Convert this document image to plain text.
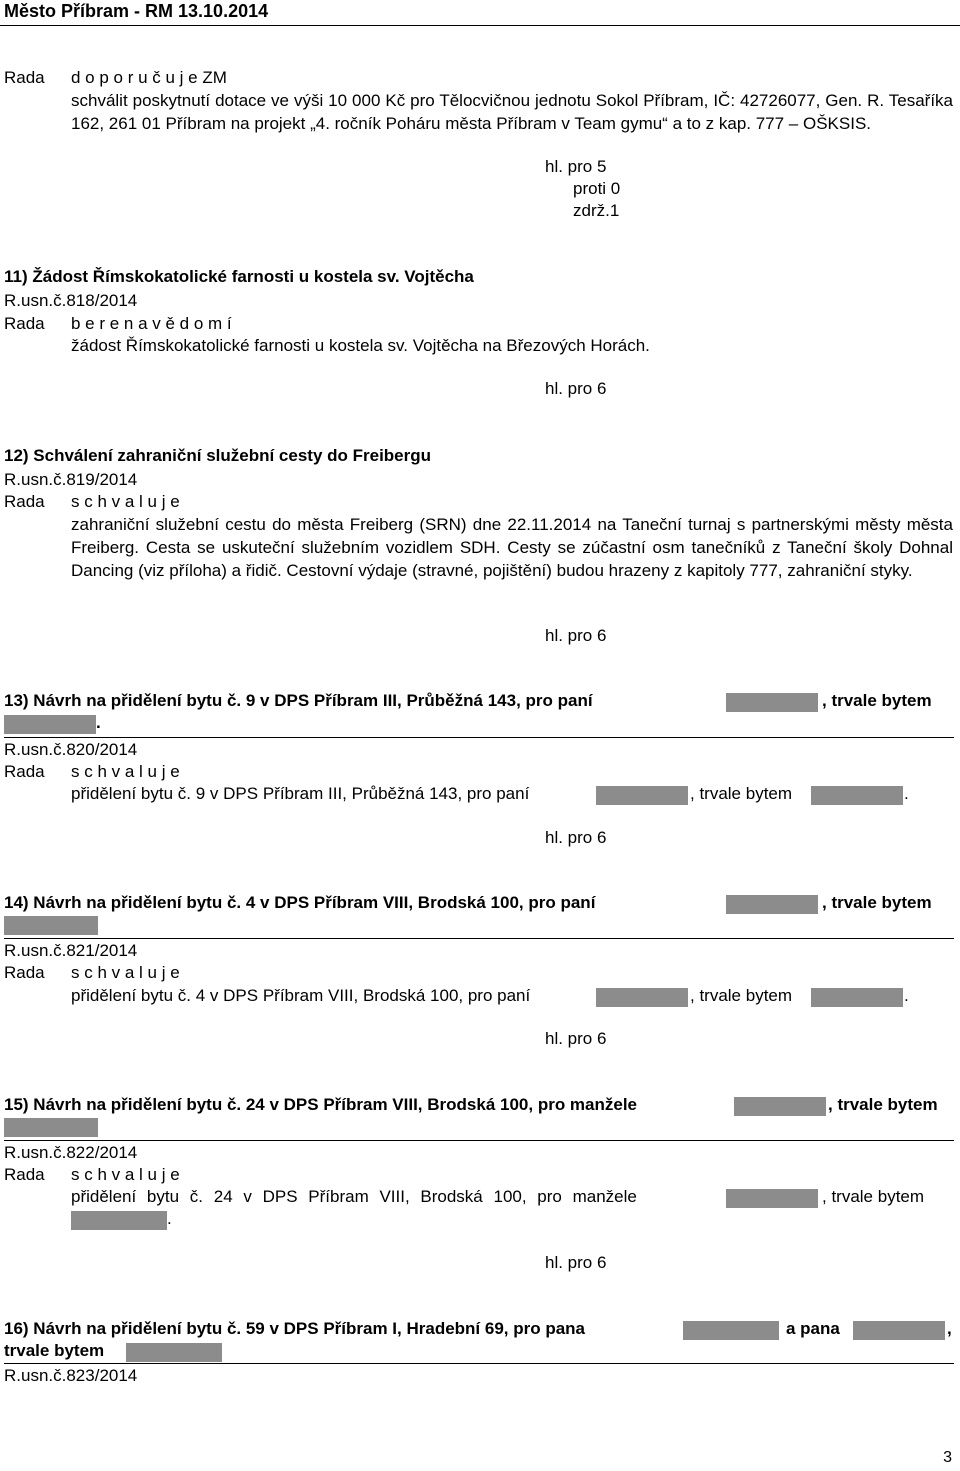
Město Příbram - RM 13.10.2014
Rada d o p o r u č u j e ZM
schválit poskytnutí dotace ve výši 10 000 Kč pro Tělocvičnou jednotu Sokol Příbram, IČ: 42726077, Gen. R. Tesaříka 162, 261 01 Příbram na projekt „4. ročník Poháru města Příbram v Team gymu“ a to z kap. 777 – OŠKSIS.
hl. pro 5
proti 0
zdrž.1
11) Žádost Římskokatolické farnosti u kostela sv. Vojtěcha
R.usn.č.818/2014
Rada b e r e n a v ě d o m í
žádost Římskokatolické farnosti u kostela sv. Vojtěcha na Březových Horách.
hl. pro 6
12) Schválení zahraniční služební cesty do Freibergu
R.usn.č.819/2014
Rada s c h v a l u j e
zahraniční služební cestu do města Freiberg (SRN) dne 22.11.2014 na Taneční turnaj s partnerskými městy města Freiberg. Cesta se uskuteční služebním vozidlem SDH. Cesty se zúčastní osm tanečníků z Taneční školy Dohnal Dancing (viz příloha) a řidič. Cestovní výdaje (stravné, pojištění) budou hrazeny z kapitoly 777, zahraniční styky.
hl. pro 6
13) Návrh na přidělení bytu č. 9 v DPS Příbram III, Průběžná 143, pro paní	, trvale bytem
.
R.usn.č.820/2014
Rada s c h v a l u j e
přidělení bytu č. 9 v DPS Příbram III, Průběžná 143, pro paní	, trvale bytem	.
hl. pro 6
14) Návrh na přidělení bytu č. 4 v DPS Příbram VIII, Brodská 100, pro paní	, trvale bytem
R.usn.č.821/2014
Rada s c h v a l u j e
přidělení bytu č. 4 v DPS Příbram VIII, Brodská 100, pro paní	, trvale bytem	.
hl. pro 6
15) Návrh na přidělení bytu č. 24 v DPS Příbram VIII, Brodská 100, pro manžele	, trvale bytem
R.usn.č.822/2014
Rada s c h v a l u j e
přidělení bytu č. 24 v DPS Příbram VIII, Brodská 100, pro manžele	, trvale bytem
.
hl. pro 6
16) Návrh na přidělení bytu č. 59 v DPS Příbram I, Hradební 69, pro pana	a pana	,
trvale bytem
R.usn.č.823/2014
3
